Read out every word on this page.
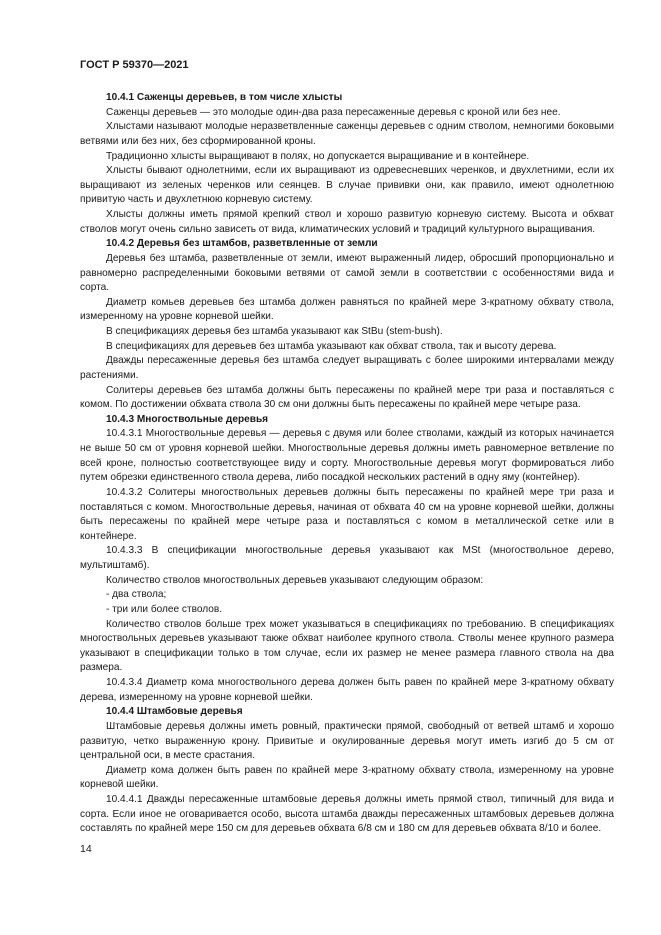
ГОСТ Р 59370—2021

10.4.1 Саженцы деревьев, в том числе хлысты

Саженцы деревьев — это молодые один-два раза пересаженные деревья с кроной или без нее.

Хлыстами называют молодые неразветвленные саженцы деревьев с одним стволом, немногими боковыми ветвями или без них, без сформированной кроны.

Традиционно хлысты выращивают в полях, но допускается выращивание и в контейнере.

Хлысты бывают однолетними, если их выращивают из одревесневших черенков, и двухлетними, если их выращивают из зеленых черенков или сеянцев. В случае прививки они, как правило, имеют однолетнюю привитую часть и двухлетнюю корневую систему.

Хлысты должны иметь прямой крепкий ствол и хорошо развитую корневую систему. Высота и обхват стволов могут очень сильно зависеть от вида, климатических условий и традиций культурного выращивания.

10.4.2 Деревья без штамбов, разветвленные от земли

Деревья без штамба, разветвленные от земли, имеют выраженный лидер, обросший пропорционально и равномерно распределенными боковыми ветвями от самой земли в соответствии с особенностями вида и сорта.

Диаметр комьев деревьев без штамба должен равняться по крайней мере 3-кратному обхвату ствола, измеренному на уровне корневой шейки.

В спецификациях деревья без штамба указывают как StBu (stem-bush).

В спецификациях для деревьев без штамба указывают как обхват ствола, так и высоту дерева.

Дважды пересаженные деревья без штамба следует выращивать с более широкими интервалами между растениями.

Солитеры деревьев без штамба должны быть пересажены по крайней мере три раза и поставляться с комом. По достижении обхвата ствола 30 см они должны быть пересажены по крайней мере четыре раза.

10.4.3 Многоствольные деревья

10.4.3.1 Многоствольные деревья — деревья с двумя или более стволами, каждый из которых начинается не выше 50 см от уровня корневой шейки. Многоствольные деревья должны иметь равномерное ветвление по всей кроне, полностью соответствующее виду и сорту. Многоствольные деревья могут формироваться либо путем обрезки единственного ствола дерева, либо посадкой нескольких растений в одну яму (контейнер).

10.4.3.2 Солитеры многоствольных деревьев должны быть пересажены по крайней мере три раза и поставляться с комом. Многоствольные деревья, начиная от обхвата 40 см на уровне корневой шейки, должны быть пересажены по крайней мере четыре раза и поставляться с комом в металлической сетке или в контейнере.

10.4.3.3 В спецификации многоствольные деревья указывают как MSt (многоствольное дерево, мультиштамб).

Количество стволов многоствольных деревьев указывают следующим образом:

- два ствола;

- три или более стволов.

Количество стволов больше трех может указываться в спецификациях по требованию. В спецификациях многоствольных деревьев указывают также обхват наиболее крупного ствола. Стволы менее крупного размера указывают в спецификации только в том случае, если их размер не менее размера главного ствола на два размера.

10.4.3.4 Диаметр кома многоствольного дерева должен быть равен по крайней мере 3-кратному обхвату дерева, измеренному на уровне корневой шейки.

10.4.4 Штамбовые деревья

Штамбовые деревья должны иметь ровный, практически прямой, свободный от ветвей штамб и хорошо развитую, четко выраженную крону. Привитые и окулированные деревья могут иметь изгиб до 5 см от центральной оси, в месте срастания.

Диаметр кома должен быть равен по крайней мере 3-кратному обхвату ствола, измеренному на уровне корневой шейки.

10.4.4.1 Дважды пересаженные штамбовые деревья должны иметь прямой ствол, типичный для вида и сорта. Если иное не оговаривается особо, высота штамба дважды пересаженных штамбовых деревьев должна составлять по крайней мере 150 см для деревьев обхвата 6/8 см и 180 см для деревьев обхвата 8/10 и более.

14
